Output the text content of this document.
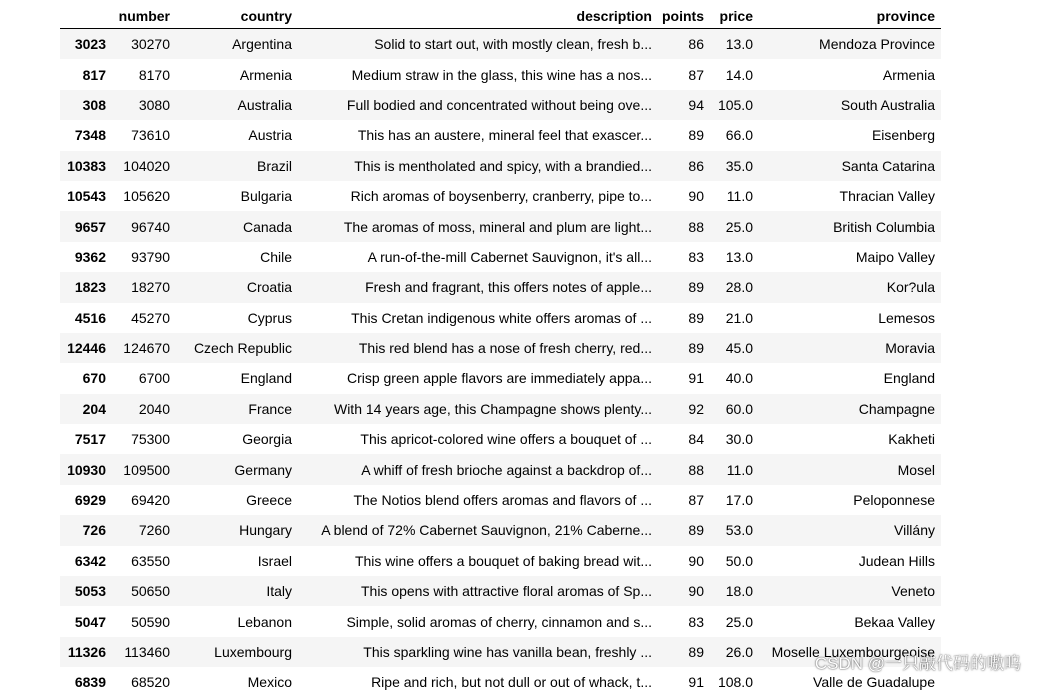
	number	country	description	points	price	province
3023	30270	Argentina	Solid to start out, with mostly clean, fresh b...	86	13.0	Mendoza Province
817	8170	Armenia	Medium straw in the glass, this wine has a nos...	87	14.0	Armenia
308	3080	Australia	Full bodied and concentrated without being ove...	94	105.0	South Australia
7348	73610	Austria	This has an austere, mineral feel that exascer...	89	66.0	Eisenberg
10383	104020	Brazil	This is mentholated and spicy, with a brandied...	86	35.0	Santa Catarina
10543	105620	Bulgaria	Rich aromas of boysenberry, cranberry, pipe to...	90	11.0	Thracian Valley
9657	96740	Canada	The aromas of moss, mineral and plum are light...	88	25.0	British Columbia
9362	93790	Chile	A run-of-the-mill Cabernet Sauvignon, it's all...	83	13.0	Maipo Valley
1823	18270	Croatia	Fresh and fragrant, this offers notes of apple...	89	28.0	Kor?ula
4516	45270	Cyprus	This Cretan indigenous white offers aromas of ...	89	21.0	Lemesos
12446	124670	Czech Republic	This red blend has a nose of fresh cherry, red...	89	45.0	Moravia
670	6700	England	Crisp green apple flavors are immediately appa...	91	40.0	England
204	2040	France	With 14 years age, this Champagne shows plenty...	92	60.0	Champagne
7517	75300	Georgia	This apricot-colored wine offers a bouquet of ...	84	30.0	Kakheti
10930	109500	Germany	A whiff of fresh brioche against a backdrop of...	88	11.0	Mosel
6929	69420	Greece	The Notios blend offers aromas and flavors of ...	87	17.0	Peloponnese
726	7260	Hungary	A blend of 72% Cabernet Sauvignon, 21% Caberne...	89	53.0	Villány
6342	63550	Israel	This wine offers a bouquet of baking bread wit...	90	50.0	Judean Hills
5053	50650	Italy	This opens with attractive floral aromas of Sp...	90	18.0	Veneto
5047	50590	Lebanon	Simple, solid aromas of cherry, cinnamon and s...	83	25.0	Bekaa Valley
11326	113460	Luxembourg	This sparkling wine has vanilla bean, freshly ...	89	26.0	Moselle Luxembourgeoise
6839	68520	Mexico	Ripe and rich, but not dull or out of whack, t...	91	108.0	Valle de Guadalupe
CSDN @一只敲代码的嗷呜
